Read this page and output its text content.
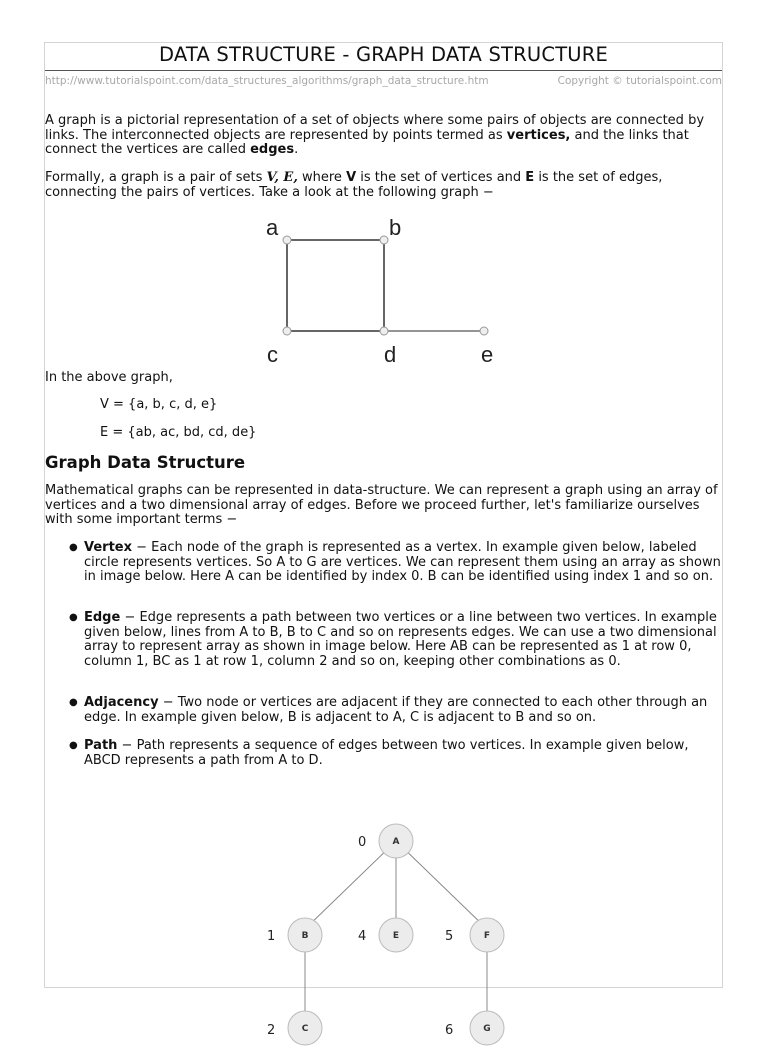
DATA STRUCTURE - GRAPH DATA STRUCTURE
http://www.tutorialspoint.com/data_structures_algorithms/graph_data_structure.htm	Copyright © tutorialspoint.com

A graph is a pictorial representation of a set of objects where some pairs of objects are connected by links. The interconnected objects are represented by points termed as vertices, and the links that connect the vertices are called edges.

Formally, a graph is a pair of sets V, E, where V is the set of vertices and E is the set of edges, connecting the pairs of vertices. Take a look at the following graph −

a	b
c	d	e

In the above graph,

V = {a, b, c, d, e}

E = {ab, ac, bd, cd, de}

Graph Data Structure

Mathematical graphs can be represented in data-structure. We can represent a graph using an array of vertices and a two dimensional array of edges. Before we proceed further, let's familiarize ourselves with some important terms −

● Vertex − Each node of the graph is represented as a vertex. In example given below, labeled circle represents vertices. So A to G are vertices. We can represent them using an array as shown in image below. Here A can be identified by index 0. B can be identified using index 1 and so on.
● Edge − Edge represents a path between two vertices or a line between two vertices. In example given below, lines from A to B, B to C and so on represents edges. We can use a two dimensional array to represent array as shown in image below. Here AB can be represented as 1 at row 0, column 1, BC as 1 at row 1, column 2 and so on, keeping other combinations as 0.
● Adjacency − Two node or vertices are adjacent if they are connected to each other through an edge. In example given below, B is adjacent to A, C is adjacent to B and so on.
● Path − Path represents a sequence of edges between two vertices. In example given below, ABCD represents a path from A to D.
A
B	E	F
C	G
0
1	4	5
2	6
